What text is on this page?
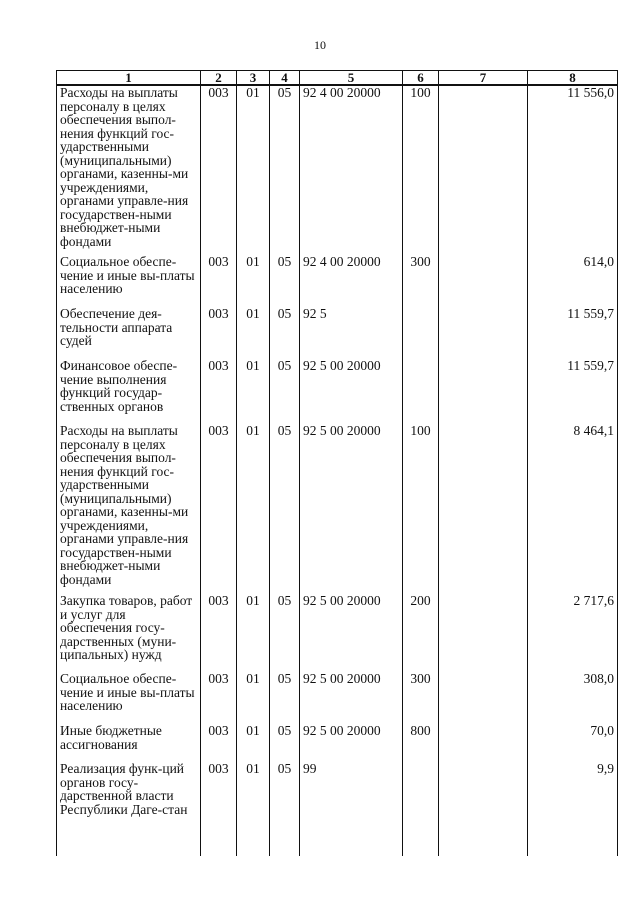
10
1	2	3	4	5	6	7	8
Расходы на выплаты персоналу в целях обеспечения выпол-нения функций гос-ударственными (муниципальными) органами, казенны-ми учреждениями, органами управле-ния государствен-ными внебюджет-ными фондами	003	01	05	92 4 00 20000	100		11 556,0
Социальное обеспе-чение и иные вы-платы населению	003	01	05	92 4 00 20000	300		614,0
Обеспечение дея-тельности аппарата судей	003	01	05	92 5			11 559,7
Финансовое обеспе-чение выполнения функций государ-ственных органов	003	01	05	92 5 00 20000			11 559,7
Расходы на выплаты персоналу в целях обеспечения выпол-нения функций гос-ударственными (муниципальными) органами, казенны-ми учреждениями, органами управле-ния государствен-ными внебюджет-ными фондами	003	01	05	92 5 00 20000	100		8 464,1
Закупка товаров, работ и услуг для обеспечения госу-дарственных (муни-ципальных) нужд	003	01	05	92 5 00 20000	200		2 717,6
Социальное обеспе-чение и иные вы-платы населению	003	01	05	92 5 00 20000	300		308,0
Иные бюджетные ассигнования	003	01	05	92 5 00 20000	800		70,0
Реализация функ-ций органов госу-дарственной власти Республики Даге-стан	003	01	05	99			9,9
